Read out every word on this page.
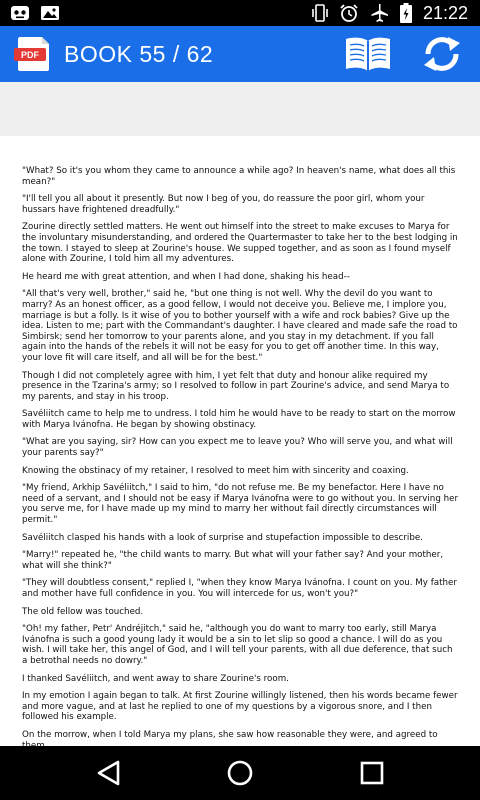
21:22
PDF BOOK 55 / 62

"What? So it's you whom they came to announce a while ago? In heaven's name, what does all this mean?"

"I'll tell you all about it presently. But now I beg of you, do reassure the poor girl, whom your hussars have frightened dreadfully."

Zourine directly settled matters. He went out himself into the street to make excuses to Marya for the involuntary misunderstanding, and ordered the Quartermaster to take her to the best lodging in the town. I stayed to sleep at Zourine's house. We supped together, and as soon as I found myself alone with Zourine, I told him all my adventures.

He heard me with great attention, and when I had done, shaking his head--

"All that's very well, brother," said he, "but one thing is not well. Why the devil do you want to marry? As an honest officer, as a good fellow, I would not deceive you. Believe me, I implore you, marriage is but a folly. Is it wise of you to bother yourself with a wife and rock babies? Give up the idea. Listen to me; part with the Commandant's daughter. I have cleared and made safe the road to Simbirsk; send her tomorrow to your parents alone, and you stay in my detachment. If you fall again into the hands of the rebels it will not be easy for you to get off another time. In this way, your love fit will care itself, and all will be for the best."

Though I did not completely agree with him, I yet felt that duty and honour alike required my presence in the Tzarina's army; so I resolved to follow in part Zourine's advice, and send Marya to my parents, and stay in his troop.

Savéliitch came to help me to undress. I told him he would have to be ready to start on the morrow with Marya Ivánofna. He began by showing obstinacy.

"What are you saying, sir? How can you expect me to leave you? Who will serve you, and what will your parents say?"

Knowing the obstinacy of my retainer, I resolved to meet him with sincerity and coaxing.

"My friend, Arkhip Savéliitch," I said to him, "do not refuse me. Be my benefactor. Here I have no need of a servant, and I should not be easy if Marya Ivánofna were to go without you. In serving her you serve me, for I have made up my mind to marry her without fail directly circumstances will permit."

Savéliitch clasped his hands with a look of surprise and stupefaction impossible to describe.

"Marry!" repeated he, "the child wants to marry. But what will your father say? And your mother, what will she think?"

"They will doubtless consent," replied I, "when they know Marya Ivánofna. I count on you. My father and mother have full confidence in you. You will intercede for us, won't you?"

The old fellow was touched.

"Oh! my father, Petr' Andréjitch," said he, "although you do want to marry too early, still Marya Ivánofna is such a good young lady it would be a sin to let slip so good a chance. I will do as you wish. I will take her, this angel of God, and I will tell your parents, with all due deference, that such a betrothal needs no dowry."

I thanked Savéliitch, and went away to share Zourine's room.

In my emotion I again began to talk. At first Zourine willingly listened, then his words became fewer and more vague, and at last he replied to one of my questions by a vigorous snore, and I then followed his example.

On the morrow, when I told Marya my plans, she saw how reasonable they were, and agreed to
